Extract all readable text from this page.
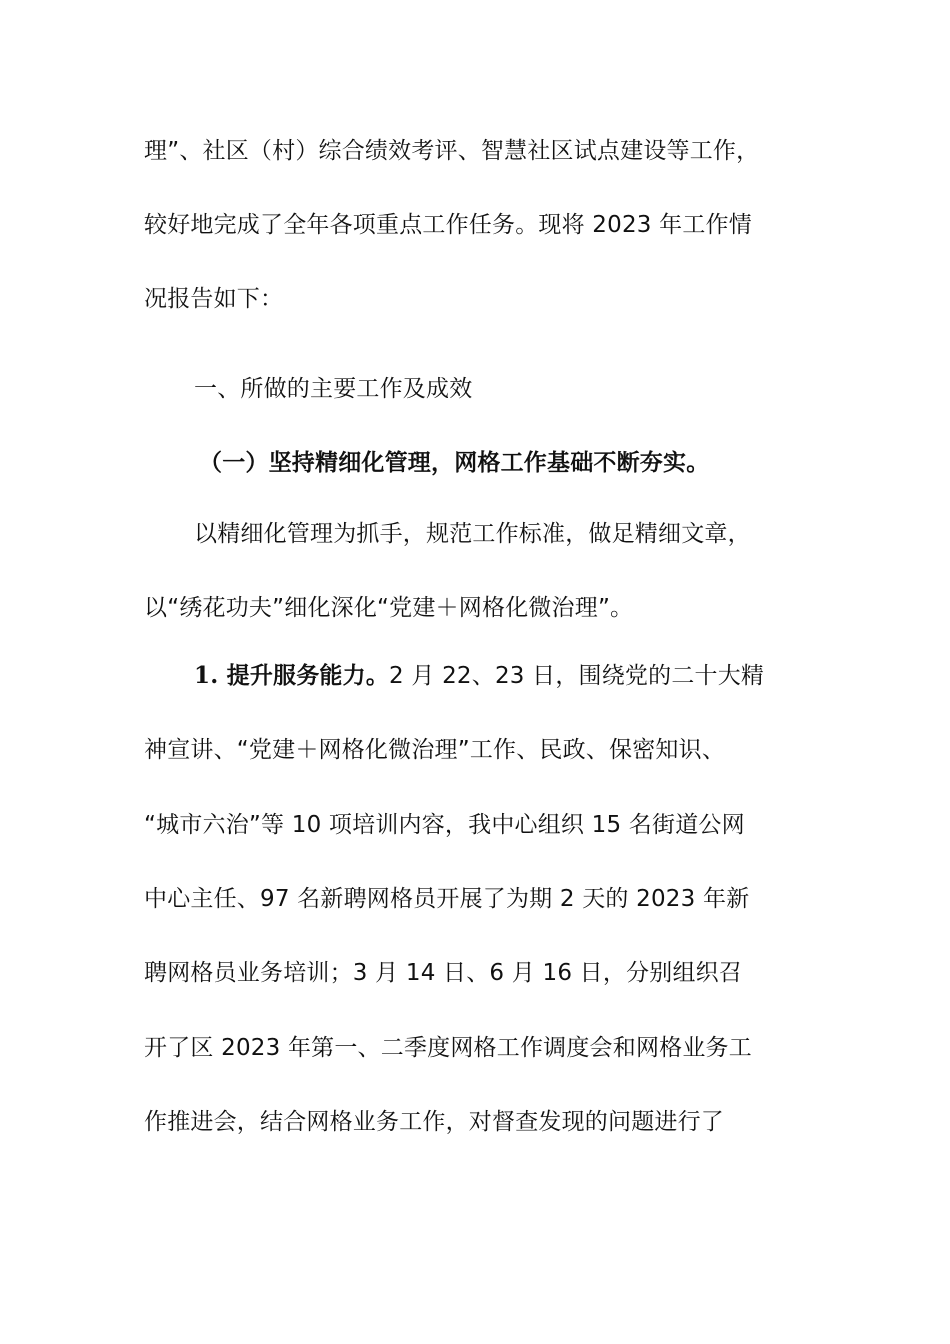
理”、社区（村）综合绩效考评、智慧社区试点建设等工作，
较好地完成了全年各项重点工作任务。现将 2023 年工作情
况报告如下：
一、所做的主要工作及成效
（一）坚持精细化管理，网格工作基础不断夯实。
以精细化管理为抓手，规范工作标准，做足精细文章，
以“绣花功夫”细化深化“党建＋网格化微治理”。
1. 提升服务能力。2 月 22、23 日，围绕党的二十大精
神宣讲、“党建＋网格化微治理”工作、民政、保密知识、
“城市六治”等 10 项培训内容，我中心组织 15 名街道公网
中心主任、97 名新聘网格员开展了为期 2 天的 2023 年新
聘网格员业务培训；3 月 14 日、6 月 16 日，分别组织召
开了区 2023 年第一、二季度网格工作调度会和网格业务工
作推进会，结合网格业务工作，对督查发现的问题进行了
